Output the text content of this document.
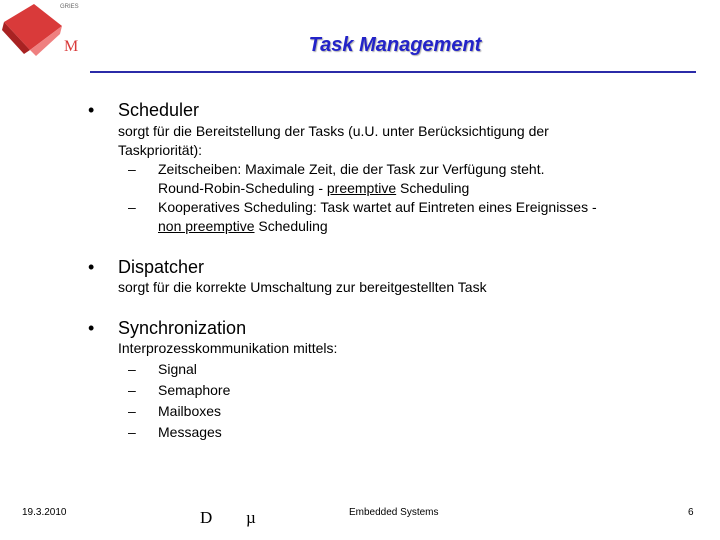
GRIES
M	Task Management
• Scheduler
sorgt für die Bereitstellung der Tasks (u.U. unter Berücksichtigung der
Taskpriorität):
– Zeitscheiben: Maximale Zeit, die der Task zur Verfügung steht.
Round-Robin-Scheduling - preemptive Scheduling
– Kooperatives Scheduling: Task wartet auf Eintreten eines Ereignisses -
non preemptive Scheduling
• Dispatcher
sorgt für die korrekte Umschaltung zur bereitgestellten Task
• Synchronization
Interprozesskommunikation mittels:
– Signal
– Semaphore
– Mailboxes
– Messages
19.3.2010	D µ	Embedded Systems	6
